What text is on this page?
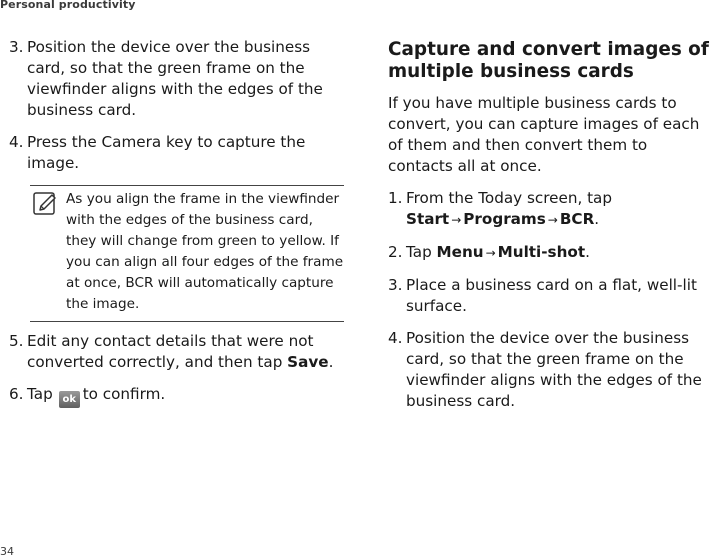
Personal productivity
3. Position the device over the business card, so that the green frame on the viewfinder aligns with the edges of the business card.
4. Press the Camera key to capture the image.
As you align the frame in the viewfinder with the edges of the business card, they will change from green to yellow. If you can align all four edges of the frame at once, BCR will automatically capture the image.
5. Edit any contact details that were not converted correctly, and then tap Save.
6. Tap ok to confirm.
Capture and convert images of multiple business cards
If you have multiple business cards to convert, you can capture images of each of them and then convert them to contacts all at once.
1. From the Today screen, tap Start → Programs → BCR.
2. Tap Menu → Multi-shot.
3. Place a business card on a flat, well-lit surface.
4. Position the device over the business card, so that the green frame on the viewfinder aligns with the edges of the business card.
34
